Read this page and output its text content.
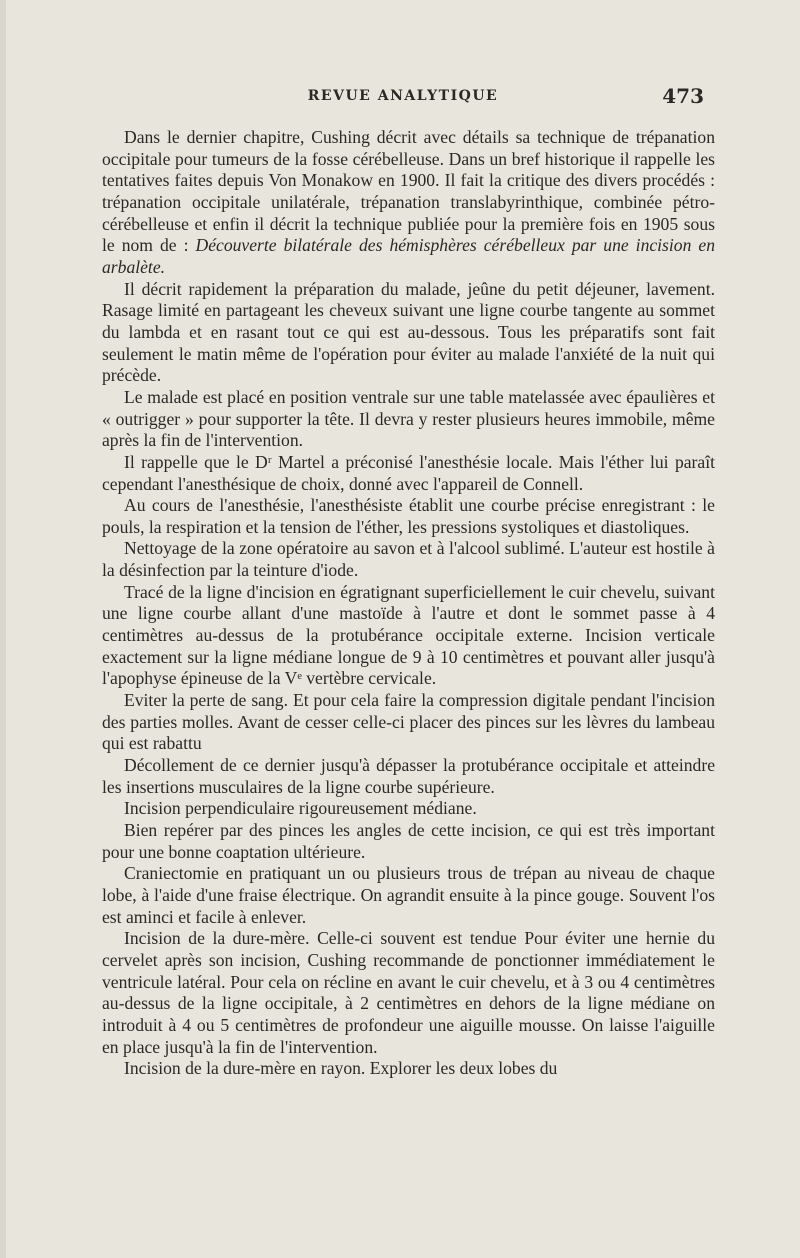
REVUE ANALYTIQUE	473

Dans le dernier chapitre, Cushing décrit avec détails sa technique de trépanation occipitale pour tumeurs de la fosse cérébelleuse. Dans un bref historique il rappelle les tentatives faites depuis Von Monakow en 1900. Il fait la critique des divers procédés : trépanation occipitale unilatérale, trépanation translabyrinthique, combinée pétro-cérébelleuse et enfin il décrit la technique publiée pour la première fois en 1905 sous le nom de : Découverte bilatérale des hémisphères cérébelleux par une incision en arbalète.

Il décrit rapidement la préparation du malade, jeûne du petit déjeuner, lavement. Rasage limité en partageant les cheveux suivant une ligne courbe tangente au sommet du lambda et en rasant tout ce qui est au-dessous. Tous les préparatifs sont fait seulement le matin même de l'opération pour éviter au malade l'anxiété de la nuit qui précède.

Le malade est placé en position ventrale sur une table matelassée avec épaulières et « outrigger » pour supporter la tête. Il devra y rester plusieurs heures immobile, même après la fin de l'intervention.

Il rappelle que le Dʳ Martel a préconisé l'anesthésie locale. Mais l'éther lui paraît cependant l'anesthésique de choix, donné avec l'appareil de Connell.

Au cours de l'anesthésie, l'anesthésiste établit une courbe précise enregistrant : le pouls, la respiration et la tension de l'éther, les pressions systoliques et diastoliques.

Nettoyage de la zone opératoire au savon et à l'alcool sublimé. L'auteur est hostile à la désinfection par la teinture d'iode.

Tracé de la ligne d'incision en égratignant superficiellement le cuir chevelu, suivant une ligne courbe allant d'une mastoïde à l'autre et dont le sommet passe à 4 centimètres au-dessus de la protubérance occipitale externe. Incision verticale exactement sur la ligne médiane longue de 9 à 10 centimètres et pouvant aller jusqu'à l'apophyse épineuse de la Vᵉ vertèbre cervicale.

Eviter la perte de sang. Et pour cela faire la compression digitale pendant l'incision des parties molles. Avant de cesser celle-ci placer des pinces sur les lèvres du lambeau qui est rabattu

Décollement de ce dernier jusqu'à dépasser la protubérance occipitale et atteindre les insertions musculaires de la ligne courbe supérieure.

Incision perpendiculaire rigoureusement médiane.

Bien repérer par des pinces les angles de cette incision, ce qui est très important pour une bonne coaptation ultérieure.

Craniectomie en pratiquant un ou plusieurs trous de trépan au niveau de chaque lobe, à l'aide d'une fraise électrique. On agrandit ensuite à la pince gouge. Souvent l'os est aminci et facile à enlever.

Incision de la dure-mère. Celle-ci souvent est tendue Pour éviter une hernie du cervelet après son incision, Cushing recommande de ponctionner immédiatement le ventricule latéral. Pour cela on récline en avant le cuir chevelu, et à 3 ou 4 centimètres au-dessus de la ligne occipitale, à 2 centimètres en dehors de la ligne médiane on introduit à 4 ou 5 centimètres de profondeur une aiguille mousse. On laisse l'aiguille en place jusqu'à la fin de l'intervention.

Incision de la dure-mère en rayon. Explorer les deux lobes du
